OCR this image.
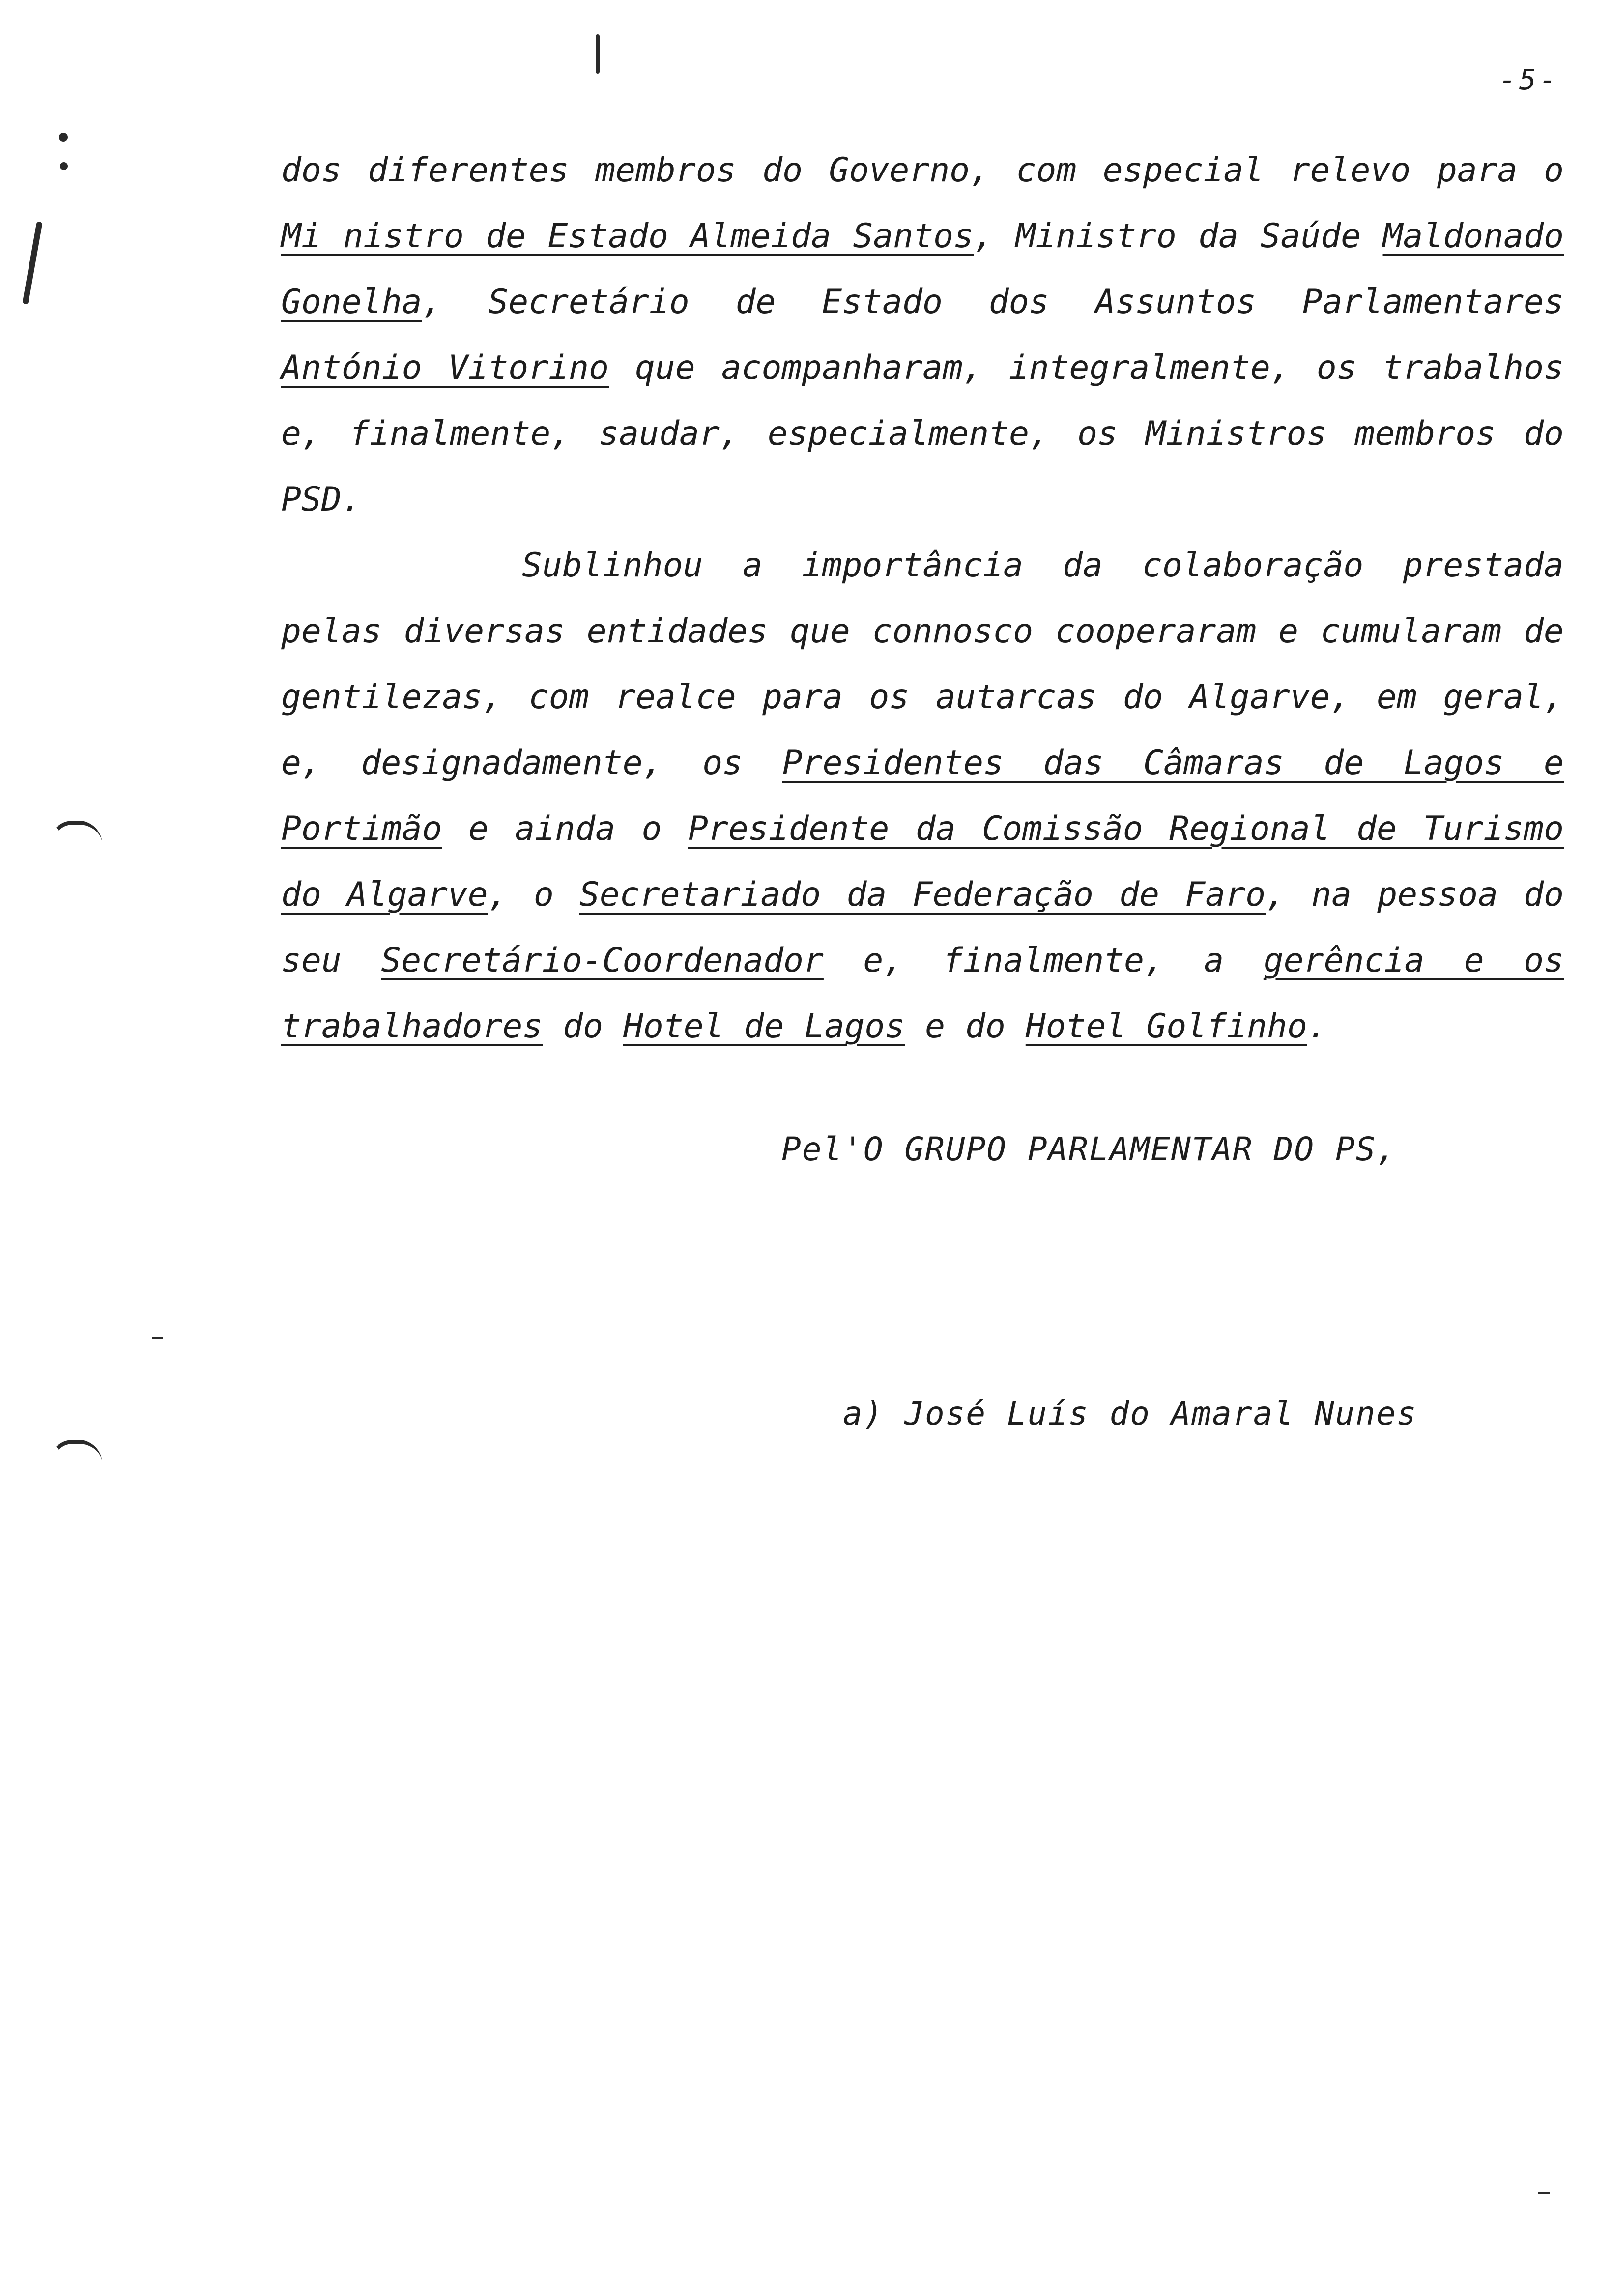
-5-

dos diferentes membros do Governo, com especial relevo para o Mi nistro de Estado Almeida Santos, Ministro da Saúde Maldonado Gonelha, Secretário de Estado dos Assuntos Parlamentares António Vitorino que acompanharam, integralmente, os trabalhos e, finalmente, saudar, especialmente, os Ministros membros do PSD.

Sublinhou a importância da colaboração prestada pelas diversas entidades que connosco cooperaram e cumularam de gentilezas, com realce para os autarcas do Algarve, em geral, e, designadamente, os Presidentes das Câmaras de Lagos e Portimão e ainda o Presidente da Comissão Regional de Turismo do Algarve, o Secretariado da Federação de Faro, na pessoa do seu Secretário-Coordenador e, finalmente, a gerência e os trabalhadores do Hotel de Lagos e do Hotel Golfinho.

Pel'O GRUPO PARLAMENTAR DO PS,
a) José Luís do Amaral Nunes
